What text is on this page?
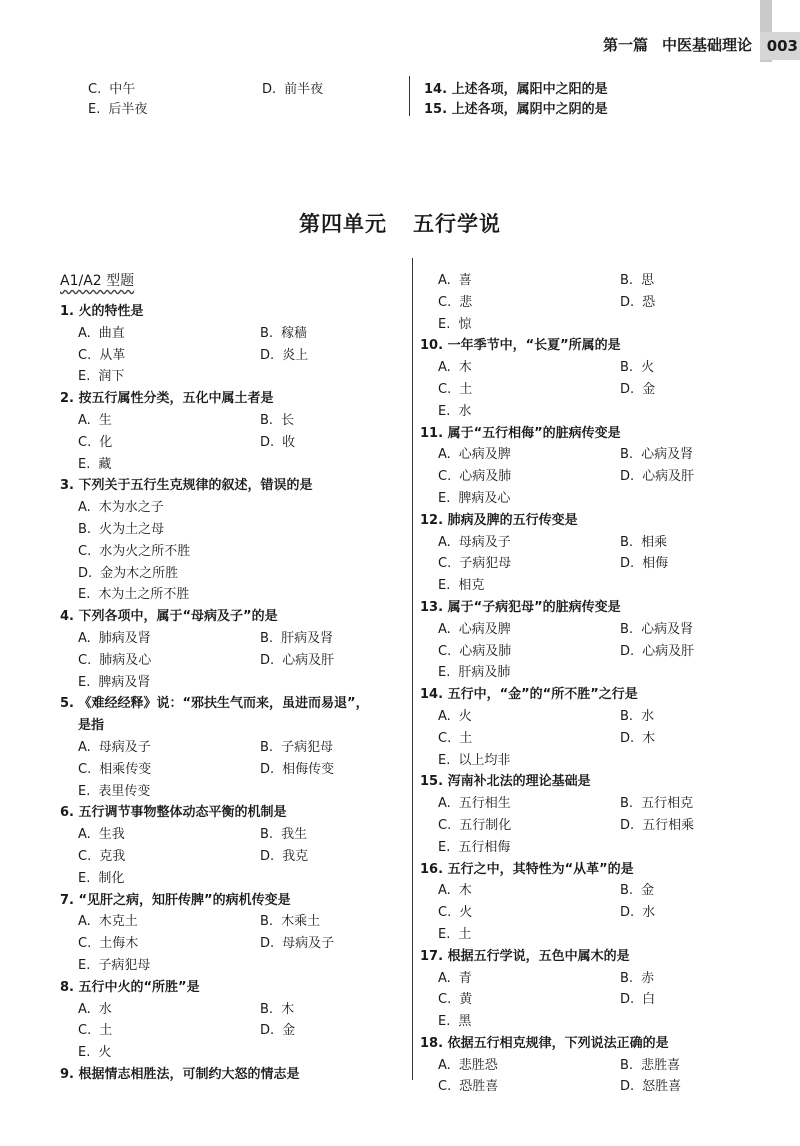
第一篇 中医基础理论 003
C. 中午	D. 前半夜
E. 后半夜
14. 上述各项，属阳中之阳的是
15. 上述各项，属阴中之阴的是
第四单元 五行学说
A1/A2 型题
1. 火的特性是
A. 曲直	B. 稼穑
C. 从革	D. 炎上
E. 润下
2. 按五行属性分类，五化中属土者是
A. 生	B. 长
C. 化	D. 收
E. 藏
3. 下列关于五行生克规律的叙述，错误的是
A. 木为水之子
B. 火为土之母
C. 水为火之所不胜
D. 金为木之所胜
E. 木为土之所不胜
4. 下列各项中，属于“母病及子”的是
A. 肺病及肾	B. 肝病及肾
C. 肺病及心	D. 心病及肝
E. 脾病及肾
5. 《难经经释》说：“邪扶生气而来，虽进而易退”，
是指
A. 母病及子	B. 子病犯母
C. 相乘传变	D. 相侮传变
E. 表里传变
6. 五行调节事物整体动态平衡的机制是
A. 生我	B. 我生
C. 克我	D. 我克
E. 制化
7. “见肝之病，知肝传脾”的病机传变是
A. 木克土	B. 木乘土
C. 土侮木	D. 母病及子
E. 子病犯母
8. 五行中火的“所胜”是
A. 水	B. 木
C. 土	D. 金
E. 火
9. 根据情志相胜法，可制约大怒的情志是
A. 喜	B. 思
C. 悲	D. 恐
E. 惊
10. 一年季节中，“长夏”所属的是
A. 木	B. 火
C. 土	D. 金
E. 水
11. 属于“五行相侮”的脏病传变是
A. 心病及脾	B. 心病及肾
C. 心病及肺	D. 心病及肝
E. 脾病及心
12. 肺病及脾的五行传变是
A. 母病及子	B. 相乘
C. 子病犯母	D. 相侮
E. 相克
13. 属于“子病犯母”的脏病传变是
A. 心病及脾	B. 心病及肾
C. 心病及肺	D. 心病及肝
E. 肝病及肺
14. 五行中，“金”的“所不胜”之行是
A. 火	B. 水
C. 土	D. 木
E. 以上均非
15. 泻南补北法的理论基础是
A. 五行相生	B. 五行相克
C. 五行制化	D. 五行相乘
E. 五行相侮
16. 五行之中，其特性为“从革”的是
A. 木	B. 金
C. 火	D. 水
E. 土
17. 根据五行学说，五色中属木的是
A. 青	B. 赤
C. 黄	D. 白
E. 黑
18. 依据五行相克规律，下列说法正确的是
A. 悲胜恐	B. 悲胜喜
C. 恐胜喜	D. 怒胜喜
